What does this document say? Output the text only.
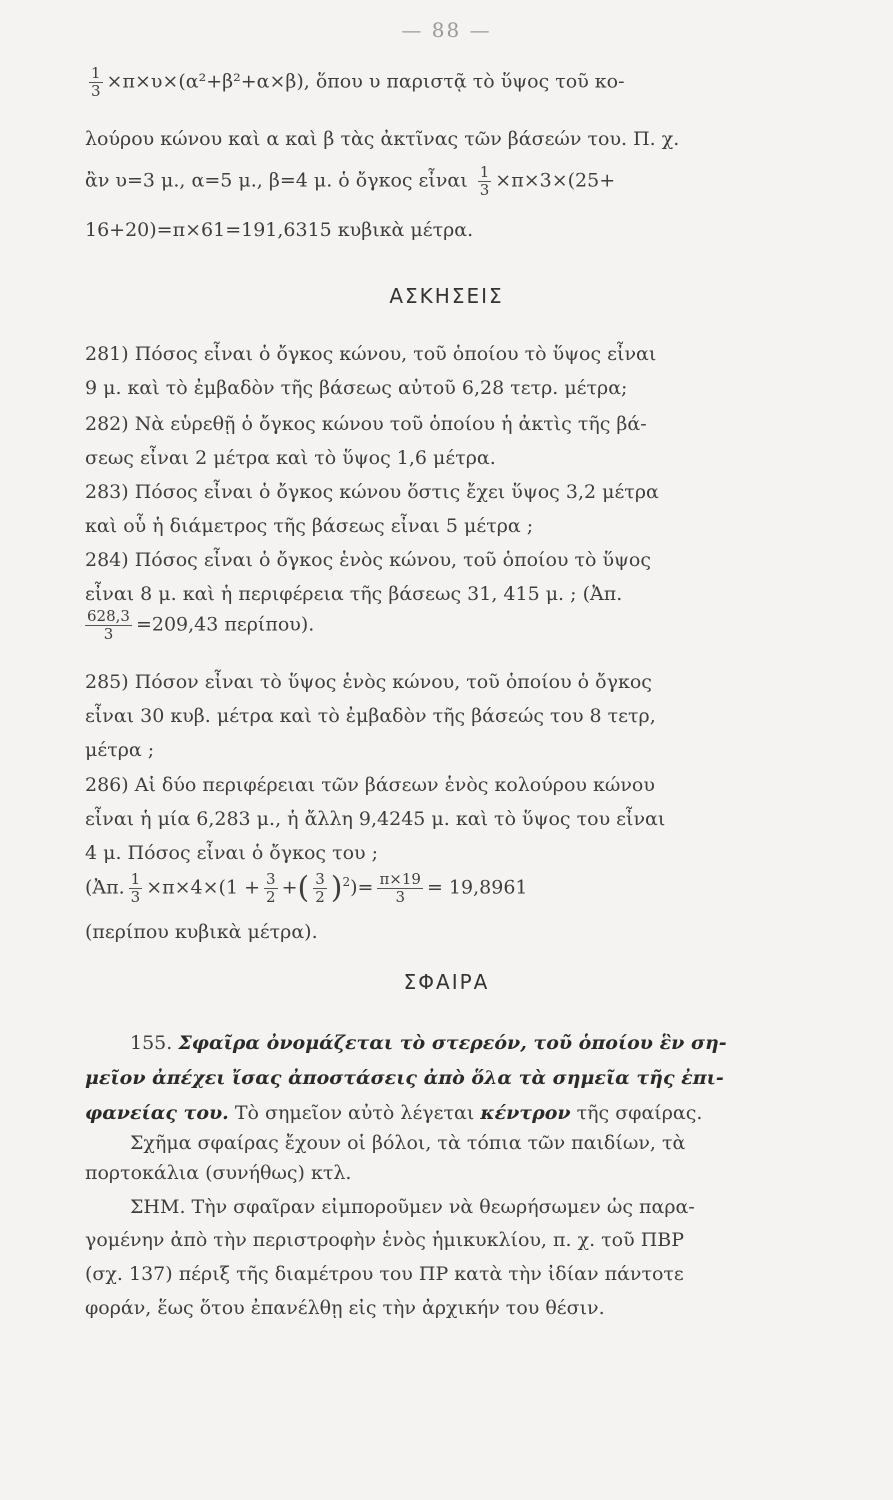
— 88 —
$\frac{1}{3} \times\pi\times\upsilon\times(\alpha^2+\beta^2+\alpha\times\beta)$, ὅπου υ παριστᾷ τὸ ὕψος τοῦ κο-
λούρου κώνου καὶ α καὶ β τὰς ἀκτῖνας τῶν βάσεών του. Π. χ.
ἂν υ=3 μ., α=5 μ., β=4 μ. ὁ ὄγκος εἶναι $\frac{1}{3} \times\pi\times 3\times(25+$
16+20)=π×61=191,6315 κυβικὰ μέτρα.
ΑΣΚΗΣΕΙΣ
281) Πόσος εἶναι ὁ ὄγκος κώνου, τοῦ ὁποίου τὸ ὕψος εἶναι
9 μ. καὶ τὸ ἐμβαδὸν τῆς βάσεως αὐτοῦ 6,28 τετρ. μέτρα;
282) Νὰ εὑρεθῇ ὁ ὄγκος κώνου τοῦ ὁποίου ἡ ἀκτὶς τῆς βά-
σεως εἶναι 2 μέτρα καὶ τὸ ὕψος 1,6 μέτρα.
283) Πόσος εἶναι ὁ ὄγκος κώνου ὅστις ἔχει ὕψος 3,2 μέτρα
καὶ οὗ ἡ διάμετρος τῆς βάσεως εἶναι 5 μέτρα ;
284) Πόσος εἶναι ὁ ὄγκος ἑνὸς κώνου, τοῦ ὁποίου τὸ ὕψος
εἶναι 8 μ. καὶ ἡ περιφέρεια τῆς βάσεως 31, 415 μ. ; (Ἀπ.
$\frac{628,3}{3} =209,43$ περίπου).
285) Πόσον εἶναι τὸ ὕψος ἑνὸς κώνου, τοῦ ὁποίου ὁ ὄγκος
εἶναι 30 κυβ. μέτρα καὶ τὸ ἐμβαδὸν τῆς βάσεώς του 8 τετρ,
μέτρα ;
286) Αἱ δύο περιφέρειαι τῶν βάσεων ἑνὸς κολούρου κώνου
εἶναι ἡ μία 6,283 μ., ἡ ἄλλη 9,4245 μ. καὶ τὸ ὕψος του εἶναι
4 μ. Πόσος εἶναι ὁ ὄγκος του ;
(Ἀπ. $\frac{1}{3} \times\pi\times 4\times(1 + \frac{3}{2}$ +( $\frac{3}{2} )^2)= \frac{\pi\times 19}{3} = 19,8961$
(περίπου κυβικὰ μέτρα).
ΣΦΑΙΡΑ
155. Σφαῖρα ὀνομάζεται τὸ στερεόν, τοῦ ὁποίου ἓν ση-
μεῖον ἀπέχει ἴσας ἀποστάσεις ἀπὸ ὅλα τὰ σημεῖα τῆς ἐπι-
φανείας του. Τὸ σημεῖον αὐτὸ λέγεται κέντρον τῆς σφαίρας.
Σχῆμα σφαίρας ἔχουν οἱ βόλοι, τὰ τόπια τῶν παιδίων, τὰ
πορτοκάλια (συνήθως) κτλ.
ΣΗΜ. Τὴν σφαῖραν εἰμποροῦμεν νὰ θεωρήσωμεν ὡς παρα-
γομένην ἀπὸ τὴν περιστροφὴν ἑνὸς ἡμικυκλίου, π. χ. τοῦ ΠΒΡ
(σχ. 137) πέριξ τῆς διαμέτρου του ΠΡ κατὰ τὴν ἰδίαν πάντοτε
φοράν, ἕως ὅτου ἐπανέλθῃ εἰς τὴν ἀρχικήν του θέσιν.
